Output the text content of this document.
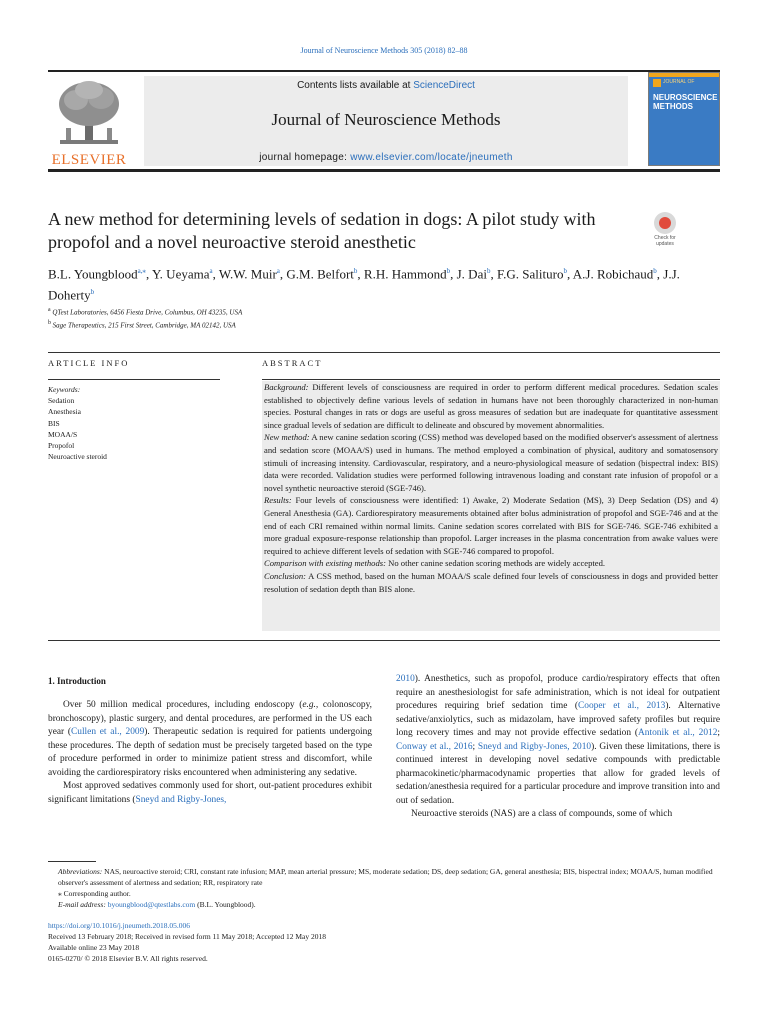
Journal of Neuroscience Methods 305 (2018) 82–88
ELSEVIER
Contents lists available at ScienceDirect
Journal of Neuroscience Methods
journal homepage: www.elsevier.com/locate/jneumeth
JOURNAL OF
NEUROSCIENCE METHODS
A new method for determining levels of sedation in dogs: A pilot study with propofol and a novel neuroactive steroid anesthetic	Check for updates
B.L. Youngblood$^{a,⁎}$, Y. Ueyama$^a$, W.W. Muir$^a$, G.M. Belfort$^b$, R.H. Hammond$^b$, J. Dai$^b$, F.G. Salituro$^b$, A.J. Robichaud$^b$, J.J. Doherty$^b$
$^a$ QTest Laboratories, 6456 Fiesta Drive, Columbus, OH 43235, USA
$^b$ Sage Therapeutics, 215 First Street, Cambridge, MA 02142, USA
ARTICLE INFO	ABSTRACT
Keywords:
Sedation
Anesthesia
BIS
MOAA/S
Propofol
Neuroactive steroid

Background: Different levels of consciousness are required in order to perform different medical procedures. Sedation scales established to objectively define various levels of sedation in humans have not been thoroughly characterized in non-human species. Postural changes in rats or dogs are useful as gross measures of sedation but are inadequate for quantitative assessment since gradual levels of sedation are difficult to delineate and obscured by movement abnormalities.

New method: A new canine sedation scoring (CSS) method was developed based on the modified observer's assessment of alertness and sedation score (MOAA/S) used in humans. The method employed a combination of physical, auditory and somatosensory stimuli of increasing intensity. Cardiovascular, respiratory, and a neuro-physiological measure of sedation (bispectral index: BIS) data were recorded. Validation studies were performed following intravenous loading and constant rate infusion of propofol or a novel synthetic neuroactive steroid (SGE-746).

Results: Four levels of consciousness were identified: 1) Awake, 2) Moderate Sedation (MS), 3) Deep Sedation (DS) and 4) General Anesthesia (GA). Cardiorespiratory measurements obtained after bolus administration of propofol and SGE-746 and at the end of each CRI remained within normal limits. Canine sedation scores correlated with BIS for SGE-746. SGE-746 exhibited a more gradual exposure-response relationship than propofol. Larger increases in the plasma concentration from awake values were required to achieve different levels of sedation with SGE-746 compared to propofol.

Comparison with existing methods: No other canine sedation scoring methods are widely accepted.

Conclusion: A CSS method, based on the human MOAA/S scale defined four levels of consciousness in dogs and provided better resolution of sedation depth than BIS alone.

1. Introduction

Over 50 million medical procedures, including endoscopy (e.g., colonoscopy, bronchoscopy), plastic surgery, and dental procedures, are performed in the US each year (Cullen et al., 2009). Therapeutic sedation is required for patients undergoing these procedures. The depth of sedation must be precisely targeted based on the type of procedure performed in order to minimize patient stress and discomfort, while avoiding the cardiorespiratory risks encountered when administering any sedative.

Most approved sedatives commonly used for short, out-patient procedures exhibit significant limitations (Sneyd and Rigby-Jones,

2010). Anesthetics, such as propofol, produce cardio/respiratory effects that often require an anesthesiologist for safe administration, which is not ideal for outpatient procedures requiring brief sedation time (Cooper et al., 2013). Alternative sedative/anxiolytics, such as midazolam, have improved safety profiles but require long recovery times and may not provide effective sedation (Antonik et al., 2012; Conway et al., 2016; Sneyd and Rigby-Jones, 2010). Given these limitations, there is continued interest in developing novel sedative compounds with predictable pharmacokinetic/pharmacodynamic properties that allow for graded levels of sedation/anesthesia required for a particular procedure and improve transition into and out of sedation.

Neuroactive steroids (NAS) are a class of compounds, some of which

Abbreviations: NAS, neuroactive steroid; CRI, constant rate infusion; MAP, mean arterial pressure; MS, moderate sedation; DS, deep sedation; GA, general anesthesia; BIS, bispectral index; MOAA/S, human modified observer's assessment of alertness and sedation; RR, respiratory rate
⁎ Corresponding author.
E-mail address: byoungblood@qtestlabs.com (B.L. Youngblood).
https://doi.org/10.1016/j.jneumeth.2018.05.006
Received 13 February 2018; Received in revised form 11 May 2018; Accepted 12 May 2018
Available online 23 May 2018
0165-0270/ © 2018 Elsevier B.V. All rights reserved.
